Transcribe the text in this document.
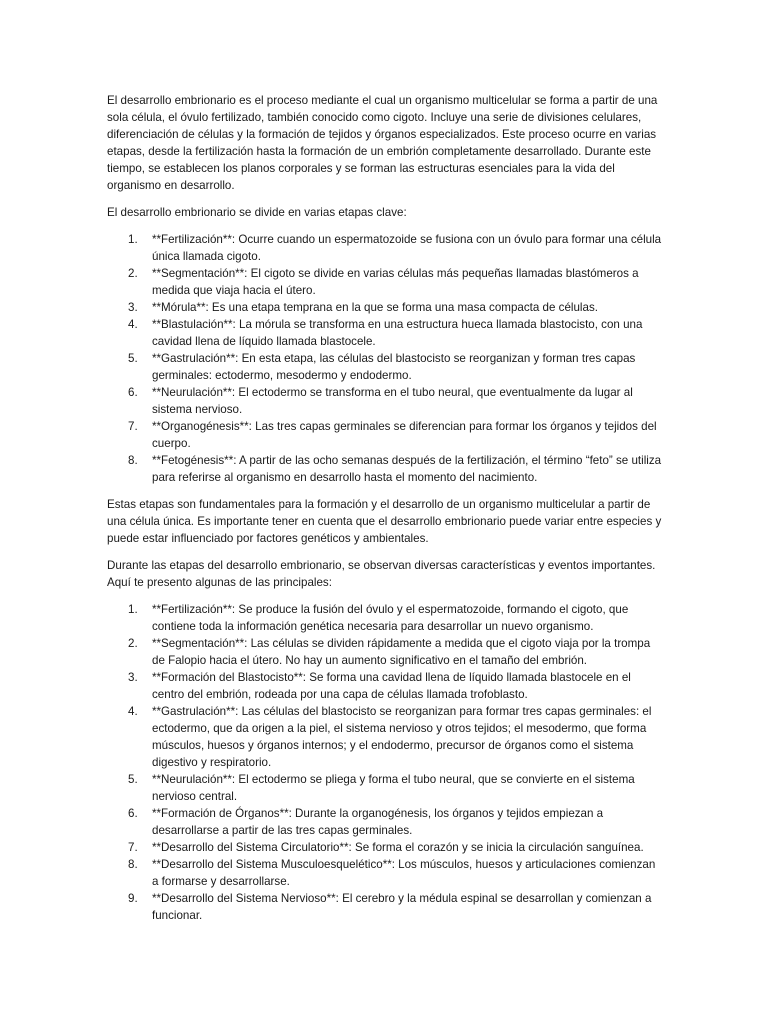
El desarrollo embrionario es el proceso mediante el cual un organismo multicelular se forma a partir de una sola célula, el óvulo fertilizado, también conocido como cigoto. Incluye una serie de divisiones celulares, diferenciación de células y la formación de tejidos y órganos especializados. Este proceso ocurre en varias etapas, desde la fertilización hasta la formación de un embrión completamente desarrollado. Durante este tiempo, se establecen los planos corporales y se forman las estructuras esenciales para la vida del organismo en desarrollo.

El desarrollo embrionario se divide en varias etapas clave:

1. **Fertilización**: Ocurre cuando un espermatozoide se fusiona con un óvulo para formar una célula única llamada cigoto.
2. **Segmentación**: El cigoto se divide en varias células más pequeñas llamadas blastómeros a medida que viaja hacia el útero.
3. **Mórula**: Es una etapa temprana en la que se forma una masa compacta de células.
4. **Blastulación**: La mórula se transforma en una estructura hueca llamada blastocisto, con una cavidad llena de líquido llamada blastocele.
5. **Gastrulación**: En esta etapa, las células del blastocisto se reorganizan y forman tres capas germinales: ectodermo, mesodermo y endodermo.
6. **Neurulación**: El ectodermo se transforma en el tubo neural, que eventualmente da lugar al sistema nervioso.
7. **Organogénesis**: Las tres capas germinales se diferencian para formar los órganos y tejidos del cuerpo.
8. **Fetogénesis**: A partir de las ocho semanas después de la fertilización, el término “feto” se utiliza para referirse al organismo en desarrollo hasta el momento del nacimiento.

Estas etapas son fundamentales para la formación y el desarrollo de un organismo multicelular a partir de una célula única. Es importante tener en cuenta que el desarrollo embrionario puede variar entre especies y puede estar influenciado por factores genéticos y ambientales.

Durante las etapas del desarrollo embrionario, se observan diversas características y eventos importantes. Aquí te presento algunas de las principales:

1. **Fertilización**: Se produce la fusión del óvulo y el espermatozoide, formando el cigoto, que contiene toda la información genética necesaria para desarrollar un nuevo organismo.
2. **Segmentación**: Las células se dividen rápidamente a medida que el cigoto viaja por la trompa de Falopio hacia el útero. No hay un aumento significativo en el tamaño del embrión.
3. **Formación del Blastocisto**: Se forma una cavidad llena de líquido llamada blastocele en el centro del embrión, rodeada por una capa de células llamada trofoblasto.
4. **Gastrulación**: Las células del blastocisto se reorganizan para formar tres capas germinales: el ectodermo, que da origen a la piel, el sistema nervioso y otros tejidos; el mesodermo, que forma músculos, huesos y órganos internos; y el endodermo, precursor de órganos como el sistema digestivo y respiratorio.
5. **Neurulación**: El ectodermo se pliega y forma el tubo neural, que se convierte en el sistema nervioso central.
6. **Formación de Órganos**: Durante la organogénesis, los órganos y tejidos empiezan a desarrollarse a partir de las tres capas germinales.
7. **Desarrollo del Sistema Circulatorio**: Se forma el corazón y se inicia la circulación sanguínea.
8. **Desarrollo del Sistema Musculoesquelético**: Los músculos, huesos y articulaciones comienzan a formarse y desarrollarse.
9. **Desarrollo del Sistema Nervioso**: El cerebro y la médula espinal se desarrollan y comienzan a funcionar.
